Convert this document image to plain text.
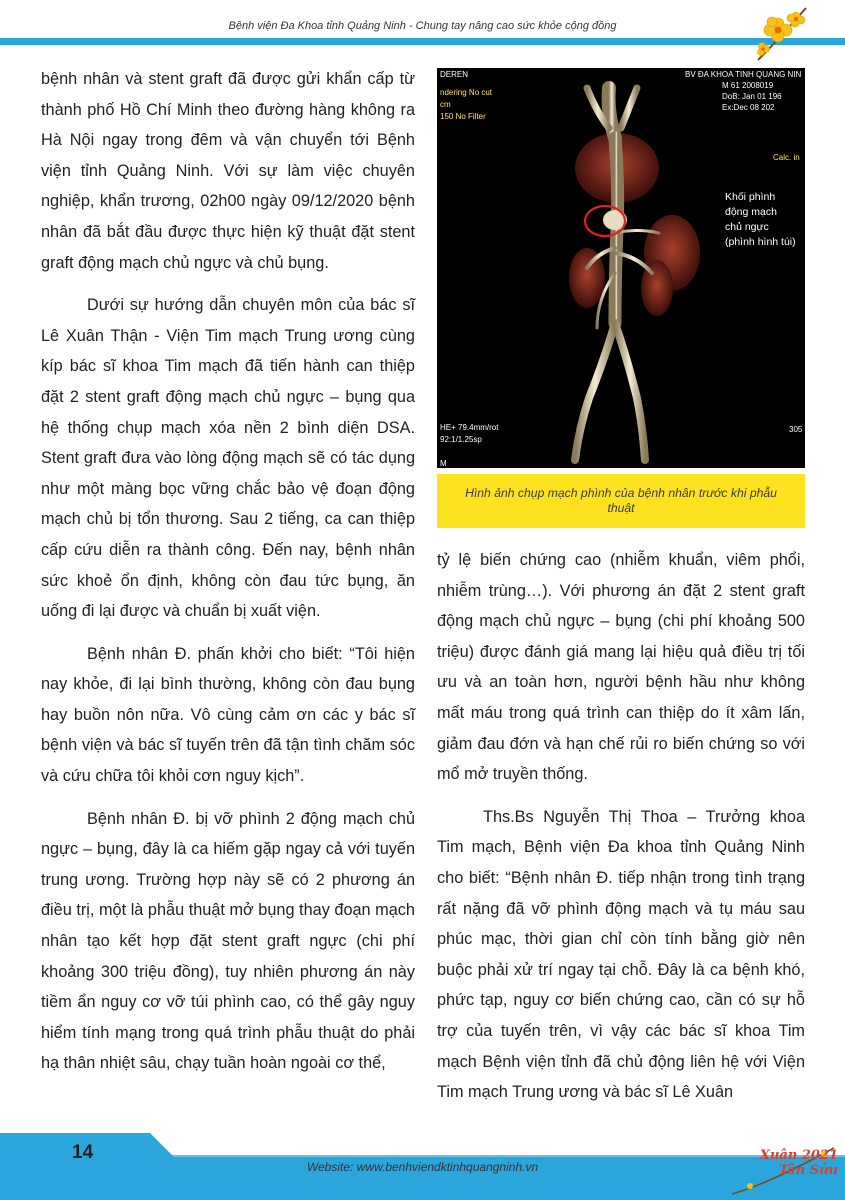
Bệnh viện Đa Khoa tỉnh Quảng Ninh - Chung tay nâng cao sức khỏe cộng đồng

bệnh nhân và stent graft đã được gửi khẩn cấp từ thành phố Hồ Chí Minh theo đường hàng không ra Hà Nội ngay trong đêm và vận chuyển tới Bệnh viện tỉnh Quảng Ninh. Với sự làm việc chuyên nghiệp, khẩn trương, 02h00 ngày 09/12/2020 bệnh nhân đã bắt đầu được thực hiện kỹ thuật đặt stent graft động mạch chủ ngực và chủ bụng.

Dưới sự hướng dẫn chuyên môn của bác sĩ Lê Xuân Thận - Viện Tim mạch Trung ương cùng kíp bác sĩ khoa Tim mạch đã tiến hành can thiệp đặt 2 stent graft động mạch chủ ngực – bụng qua hệ thống chụp mạch xóa nền 2 bình diện DSA. Stent graft đưa vào lòng động mạch sẽ có tác dụng như một màng bọc vững chắc bảo vệ đoạn động mạch chủ bị tổn thương. Sau 2 tiếng, ca can thiệp cấp cứu diễn ra thành công. Đến nay, bệnh nhân sức khoẻ ổn định, không còn đau tức bụng, ăn uống đi lại được và chuẩn bị xuất viện.

Bệnh nhân Đ. phấn khởi cho biết: “Tôi hiện nay khỏe, đi lại bình thường, không còn đau bụng hay buồn nôn nữa. Vô cùng cảm ơn các y bác sĩ bệnh viện và bác sĩ tuyến trên đã tận tình chăm sóc và cứu chữa tôi khỏi cơn nguy kịch”.

Bệnh nhân Đ. bị vỡ phình 2 động mạch chủ ngực – bụng, đây là ca hiếm gặp ngay cả với tuyến trung ương. Trường hợp này sẽ có 2 phương án điều trị, một là phẫu thuật mở bụng thay đoạn mạch nhân tạo kết hợp đặt stent graft ngực (chi phí khoảng 300 triệu đồng), tuy nhiên phương án này tiềm ẩn nguy cơ vỡ túi phình cao, có thể gây nguy hiểm tính mạng trong quá trình phẫu thuật do phải hạ thân nhiệt sâu, chạy tuần hoàn ngoài cơ thể,

DEREN
ndering No cut
cm
150 No Filter
BV ĐA KHOA TINH QUANG NIN
M 61 2008019
DoB: Jan 01 196
Ex:Dec 08 202
Calc. in
Khối phình
động mạch
chủ ngực
(phình hình túi)
HE+ 79.4mm/rot
92:1/1.25sp
M
305
Hình ảnh chụp mạch phình của bệnh nhân trước khi phẫu thuật

tỷ lệ biến chứng cao (nhiễm khuẩn, viêm phổi, nhiễm trùng…). Với phương án đặt 2 stent graft động mạch chủ ngực – bụng (chi phí khoảng 500 triệu) được đánh giá mang lại hiệu quả điều trị tối ưu và an toàn hơn, người bệnh hầu như không mất máu trong quá trình can thiệp do ít xâm lấn, giảm đau đớn và hạn chế rủi ro biến chứng so với mổ mở truyền thống.

Ths.Bs Nguyễn Thị Thoa – Trưởng khoa Tim mạch, Bệnh viện Đa khoa tỉnh Quảng Ninh cho biết: “Bệnh nhân Đ. tiếp nhận trong tình trạng rất nặng đã vỡ phình động mạch và tụ máu sau phúc mạc, thời gian chỉ còn tính bằng giờ nên buộc phải xử trí ngay tại chỗ. Đây là ca bệnh khó, phức tạp, nguy cơ biến chứng cao, cần có sự hỗ trợ của tuyến trên, vì vậy các bác sĩ khoa Tim mạch Bệnh viện tỉnh đã chủ động liên hệ với Viện Tim mạch Trung ương và bác sĩ Lê Xuân

14
Website: www.benhviendktinhquangninh.vn
Xuân 2021
Tân Sửu
